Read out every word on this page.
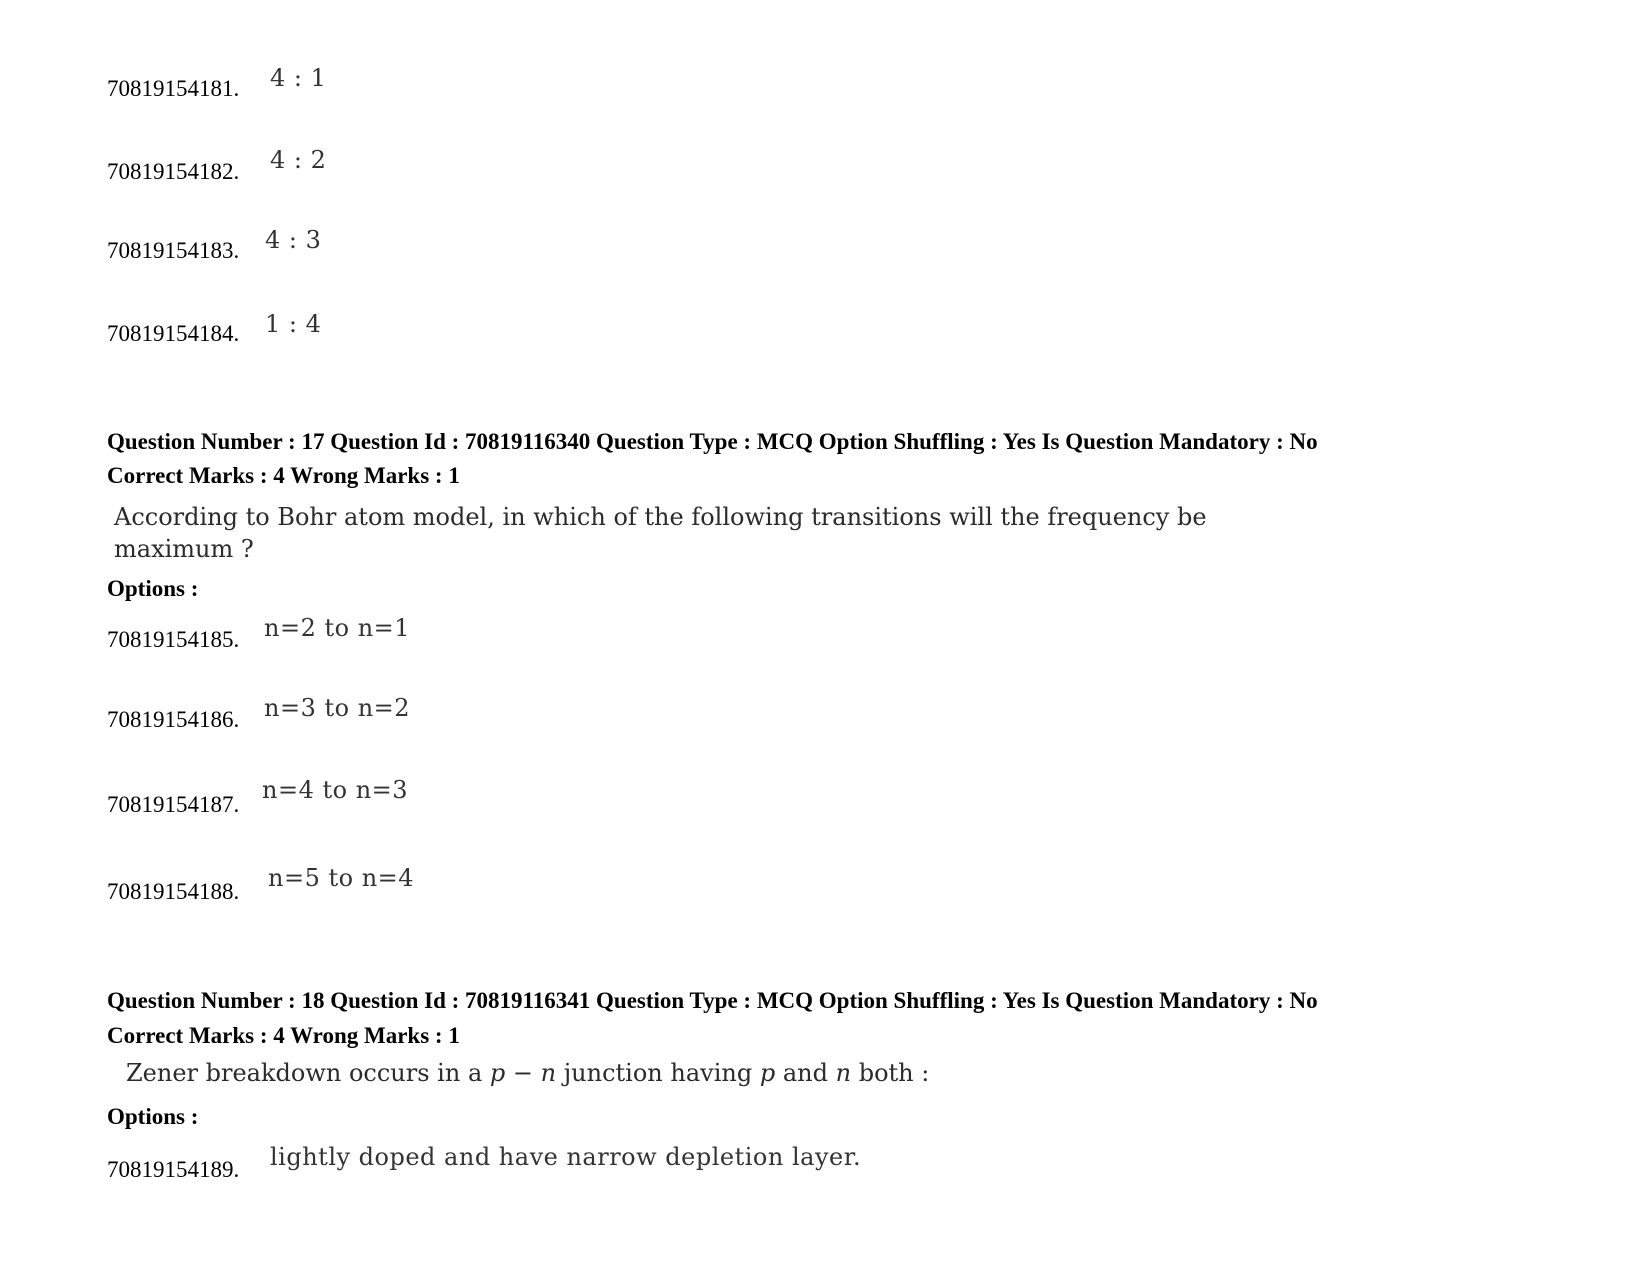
70819154181. 4 : 1
70819154182. 4 : 2
70819154183. 4 : 3
70819154184. 1 : 4
Question Number : 17 Question Id : 70819116340 Question Type : MCQ Option Shuffling : Yes Is Question Mandatory : No
Correct Marks : 4 Wrong Marks : 1
According to Bohr atom model, in which of the following transitions will the frequency be
maximum ?
Options :
70819154185. n=2 to n=1
70819154186. n=3 to n=2
70819154187.
n=4 to n=3
70819154188. n=5 to n=4
Question Number : 18 Question Id : 70819116341 Question Type : MCQ Option Shuffling : Yes Is Question Mandatory : No
Correct Marks : 4 Wrong Marks : 1
Zener breakdown occurs in a p − n junction having p and n both :
Options :
70819154189. lightly doped and have narrow depletion layer.
